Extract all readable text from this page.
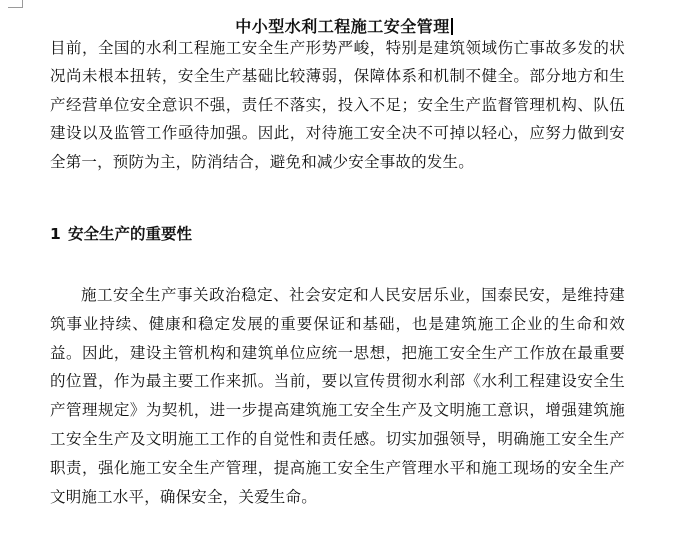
中小型水利工程施工安全管理

目前，全国的水利工程施工安全生产形势严峻，特别是建筑领域伤亡事故多发的状况尚未根本扭转，安全生产基础比较薄弱，保障体系和机制不健全。部分地方和生产经营单位安全意识不强，责任不落实，投入不足；安全生产监督管理机构、队伍建设以及监管工作亟待加强。因此，对待施工安全决不可掉以轻心，应努力做到安全第一，预防为主，防消结合，避免和减少安全事故的发生。

1 安全生产的重要性

施工安全生产事关政治稳定、社会安定和人民安居乐业，国泰民安，是维持建筑事业持续、健康和稳定发展的重要保证和基础，也是建筑施工企业的生命和效益。因此，建设主管机构和建筑单位应统一思想，把施工安全生产工作放在最重要的位置，作为最主要工作来抓。当前，要以宣传贯彻水利部《水利工程建设安全生产管理规定》为契机，进一步提高建筑施工安全生产及文明施工意识，增强建筑施工安全生产及文明施工工作的自觉性和责任感。切实加强领导，明确施工安全生产职责，强化施工安全生产管理，提高施工安全生产管理水平和施工现场的安全生产文明施工水平，确保安全，关爱生命。
